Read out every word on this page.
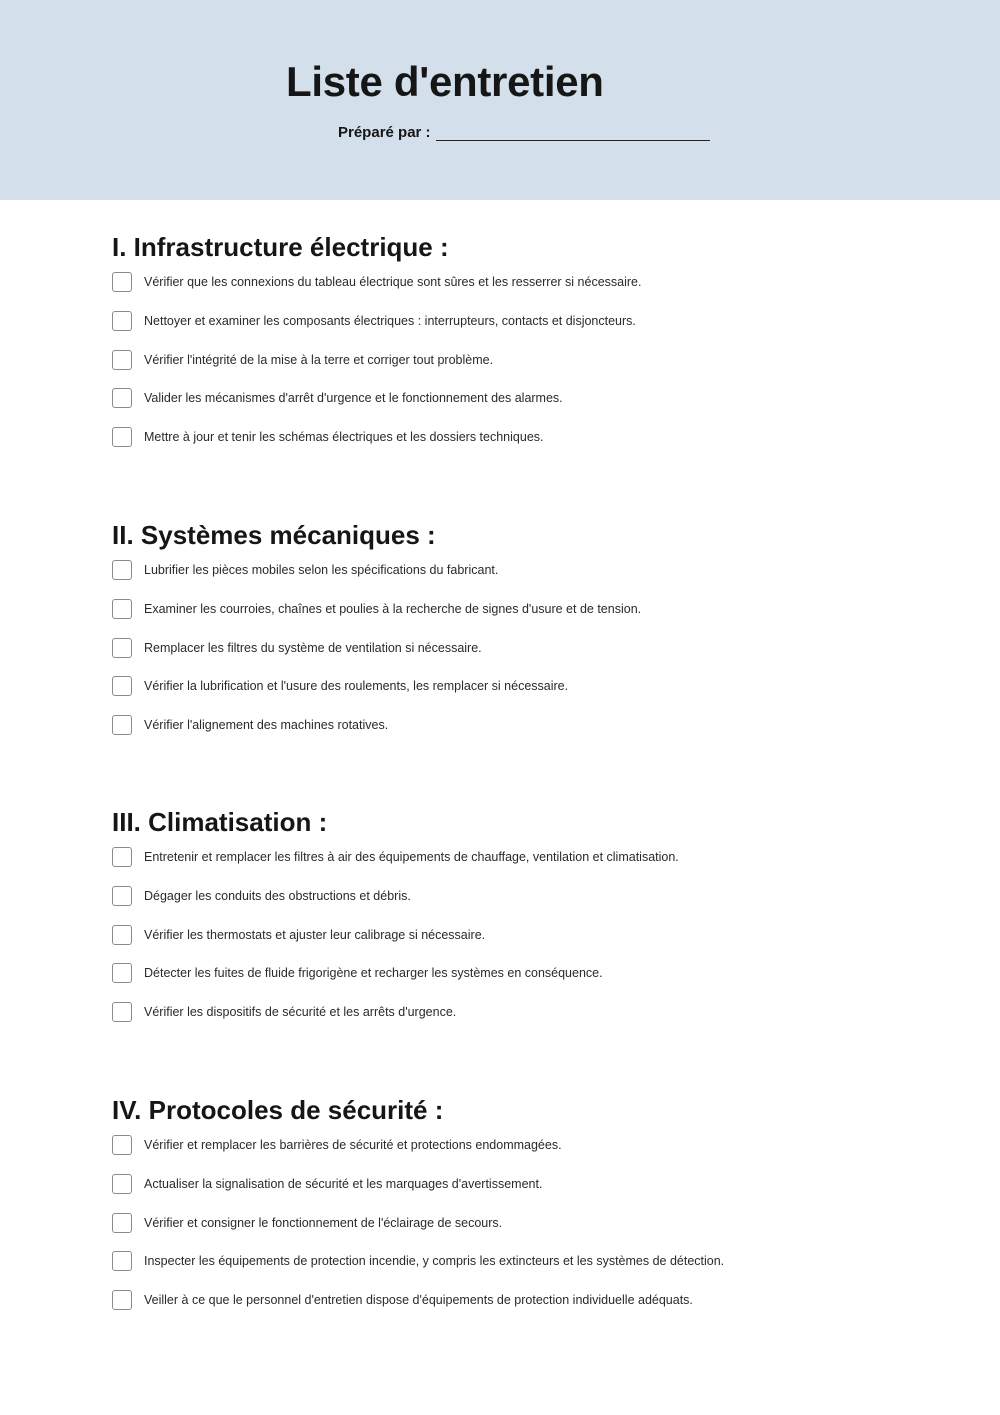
Liste d'entretien
Préparé par :
I. Infrastructure électrique :
Vérifier que les connexions du tableau électrique sont sûres et les resserrer si nécessaire.
Nettoyer et examiner les composants électriques : interrupteurs, contacts et disjoncteurs.
Vérifier l'intégrité de la mise à la terre et corriger tout problème.
Valider les mécanismes d'arrêt d'urgence et le fonctionnement des alarmes.
Mettre à jour et tenir les schémas électriques et les dossiers techniques.
II. Systèmes mécaniques :
Lubrifier les pièces mobiles selon les spécifications du fabricant.
Examiner les courroies, chaînes et poulies à la recherche de signes d'usure et de tension.
Remplacer les filtres du système de ventilation si nécessaire.
Vérifier la lubrification et l'usure des roulements, les remplacer si nécessaire.
Vérifier l'alignement des machines rotatives.
III. Climatisation :
Entretenir et remplacer les filtres à air des équipements de chauffage, ventilation et climatisation.
Dégager les conduits des obstructions et débris.
Vérifier les thermostats et ajuster leur calibrage si nécessaire.
Détecter les fuites de fluide frigorigène et recharger les systèmes en conséquence.
Vérifier les dispositifs de sécurité et les arrêts d'urgence.
IV. Protocoles de sécurité :
Vérifier et remplacer les barrières de sécurité et protections endommagées.
Actualiser la signalisation de sécurité et les marquages d'avertissement.
Vérifier et consigner le fonctionnement de l'éclairage de secours.
Inspecter les équipements de protection incendie, y compris les extincteurs et les systèmes de détection.
Veiller à ce que le personnel d'entretien dispose d'équipements de protection individuelle adéquats.
